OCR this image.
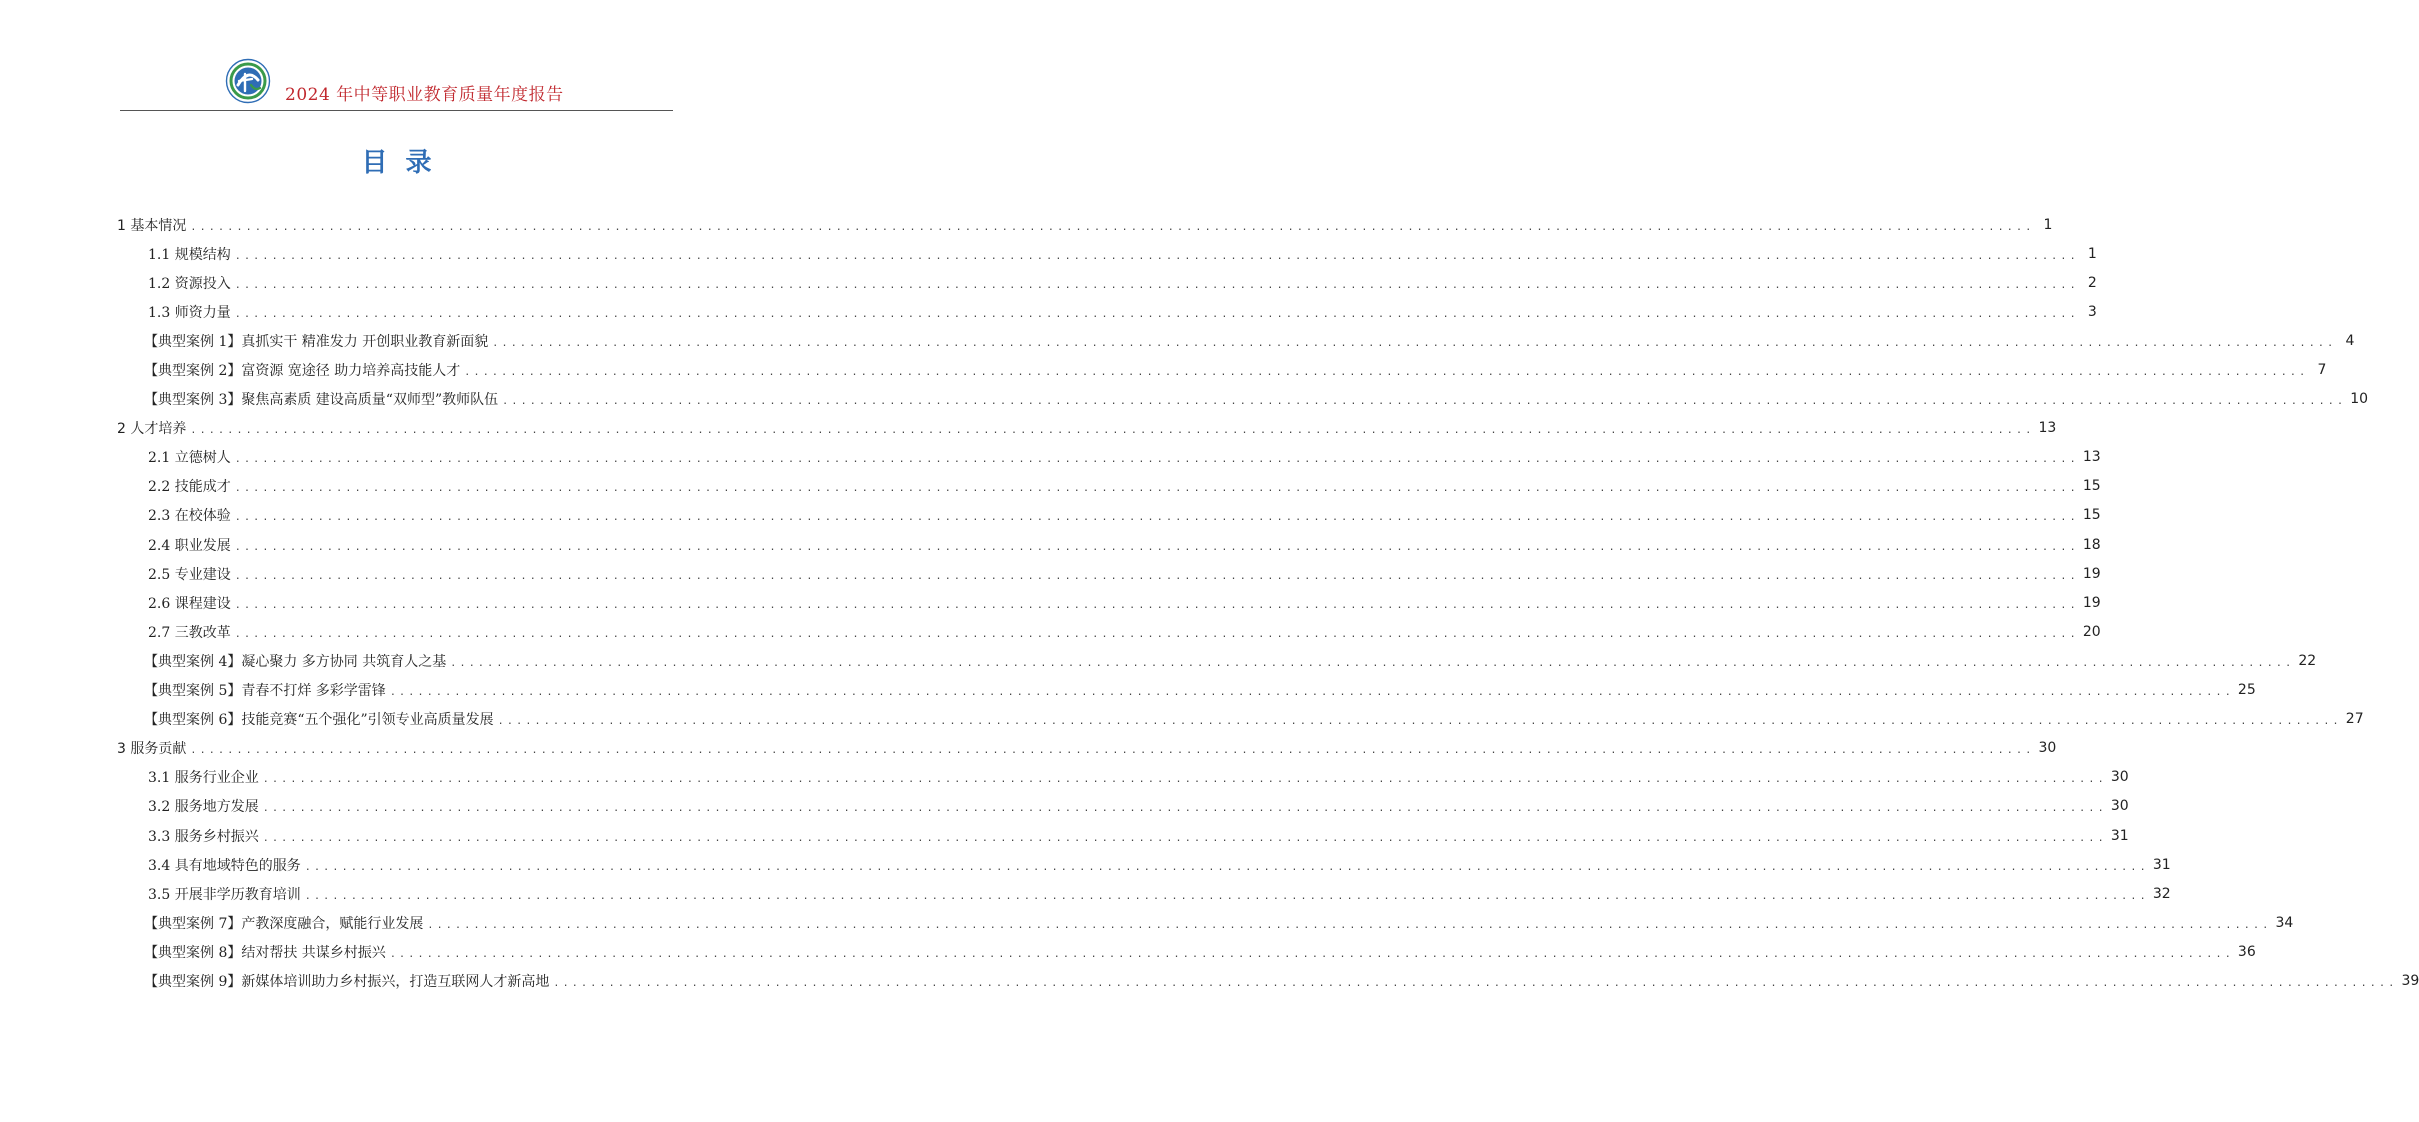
2024 年中等职业教育质量年度报告
目录
1 基本情况 ........................................................................................................................................................................................................ 1
1.1 规模结构 ........................................................................................................................................................................................................ 1
1.2 资源投入 ........................................................................................................................................................................................................ 2
1.3 师资力量 ........................................................................................................................................................................................................ 3
【典型案例 1】真抓实干 精准发力 开创职业教育新面貌 ........................................................................................................................................................................................................ 4
【典型案例 2】富资源 宽途径 助力培养高技能人才 ........................................................................................................................................................................................................ 7
【典型案例 3】聚焦高素质 建设高质量“双师型”教师队伍 ........................................................................................................................................................................................................ 10
2 人才培养 ........................................................................................................................................................................................................ 13
2.1 立德树人 ........................................................................................................................................................................................................ 13
2.2 技能成才 ........................................................................................................................................................................................................ 15
2.3 在校体验 ........................................................................................................................................................................................................ 15
2.4 职业发展 ........................................................................................................................................................................................................ 18
2.5 专业建设 ........................................................................................................................................................................................................ 19
2.6 课程建设 ........................................................................................................................................................................................................ 19
2.7 三教改革 ........................................................................................................................................................................................................ 20
【典型案例 4】凝心聚力 多方协同 共筑育人之基 ........................................................................................................................................................................................................ 22
【典型案例 5】青春不打烊 多彩学雷锋 ........................................................................................................................................................................................................ 25
【典型案例 6】技能竞赛“五个强化”引领专业高质量发展 ........................................................................................................................................................................................................ 27
3 服务贡献 ........................................................................................................................................................................................................ 30
3.1 服务行业企业 ........................................................................................................................................................................................................ 30
3.2 服务地方发展 ........................................................................................................................................................................................................ 30
3.3 服务乡村振兴 ........................................................................................................................................................................................................ 31
3.4 具有地域特色的服务 ........................................................................................................................................................................................................ 31
3.5 开展非学历教育培训 ........................................................................................................................................................................................................ 32
【典型案例 7】产教深度融合，赋能行业发展 ........................................................................................................................................................................................................ 34
【典型案例 8】结对帮扶 共谋乡村振兴 ........................................................................................................................................................................................................ 36
【典型案例 9】新媒体培训助力乡村振兴，打造互联网人才新高地 ........................................................................................................................................................................................................ 39
